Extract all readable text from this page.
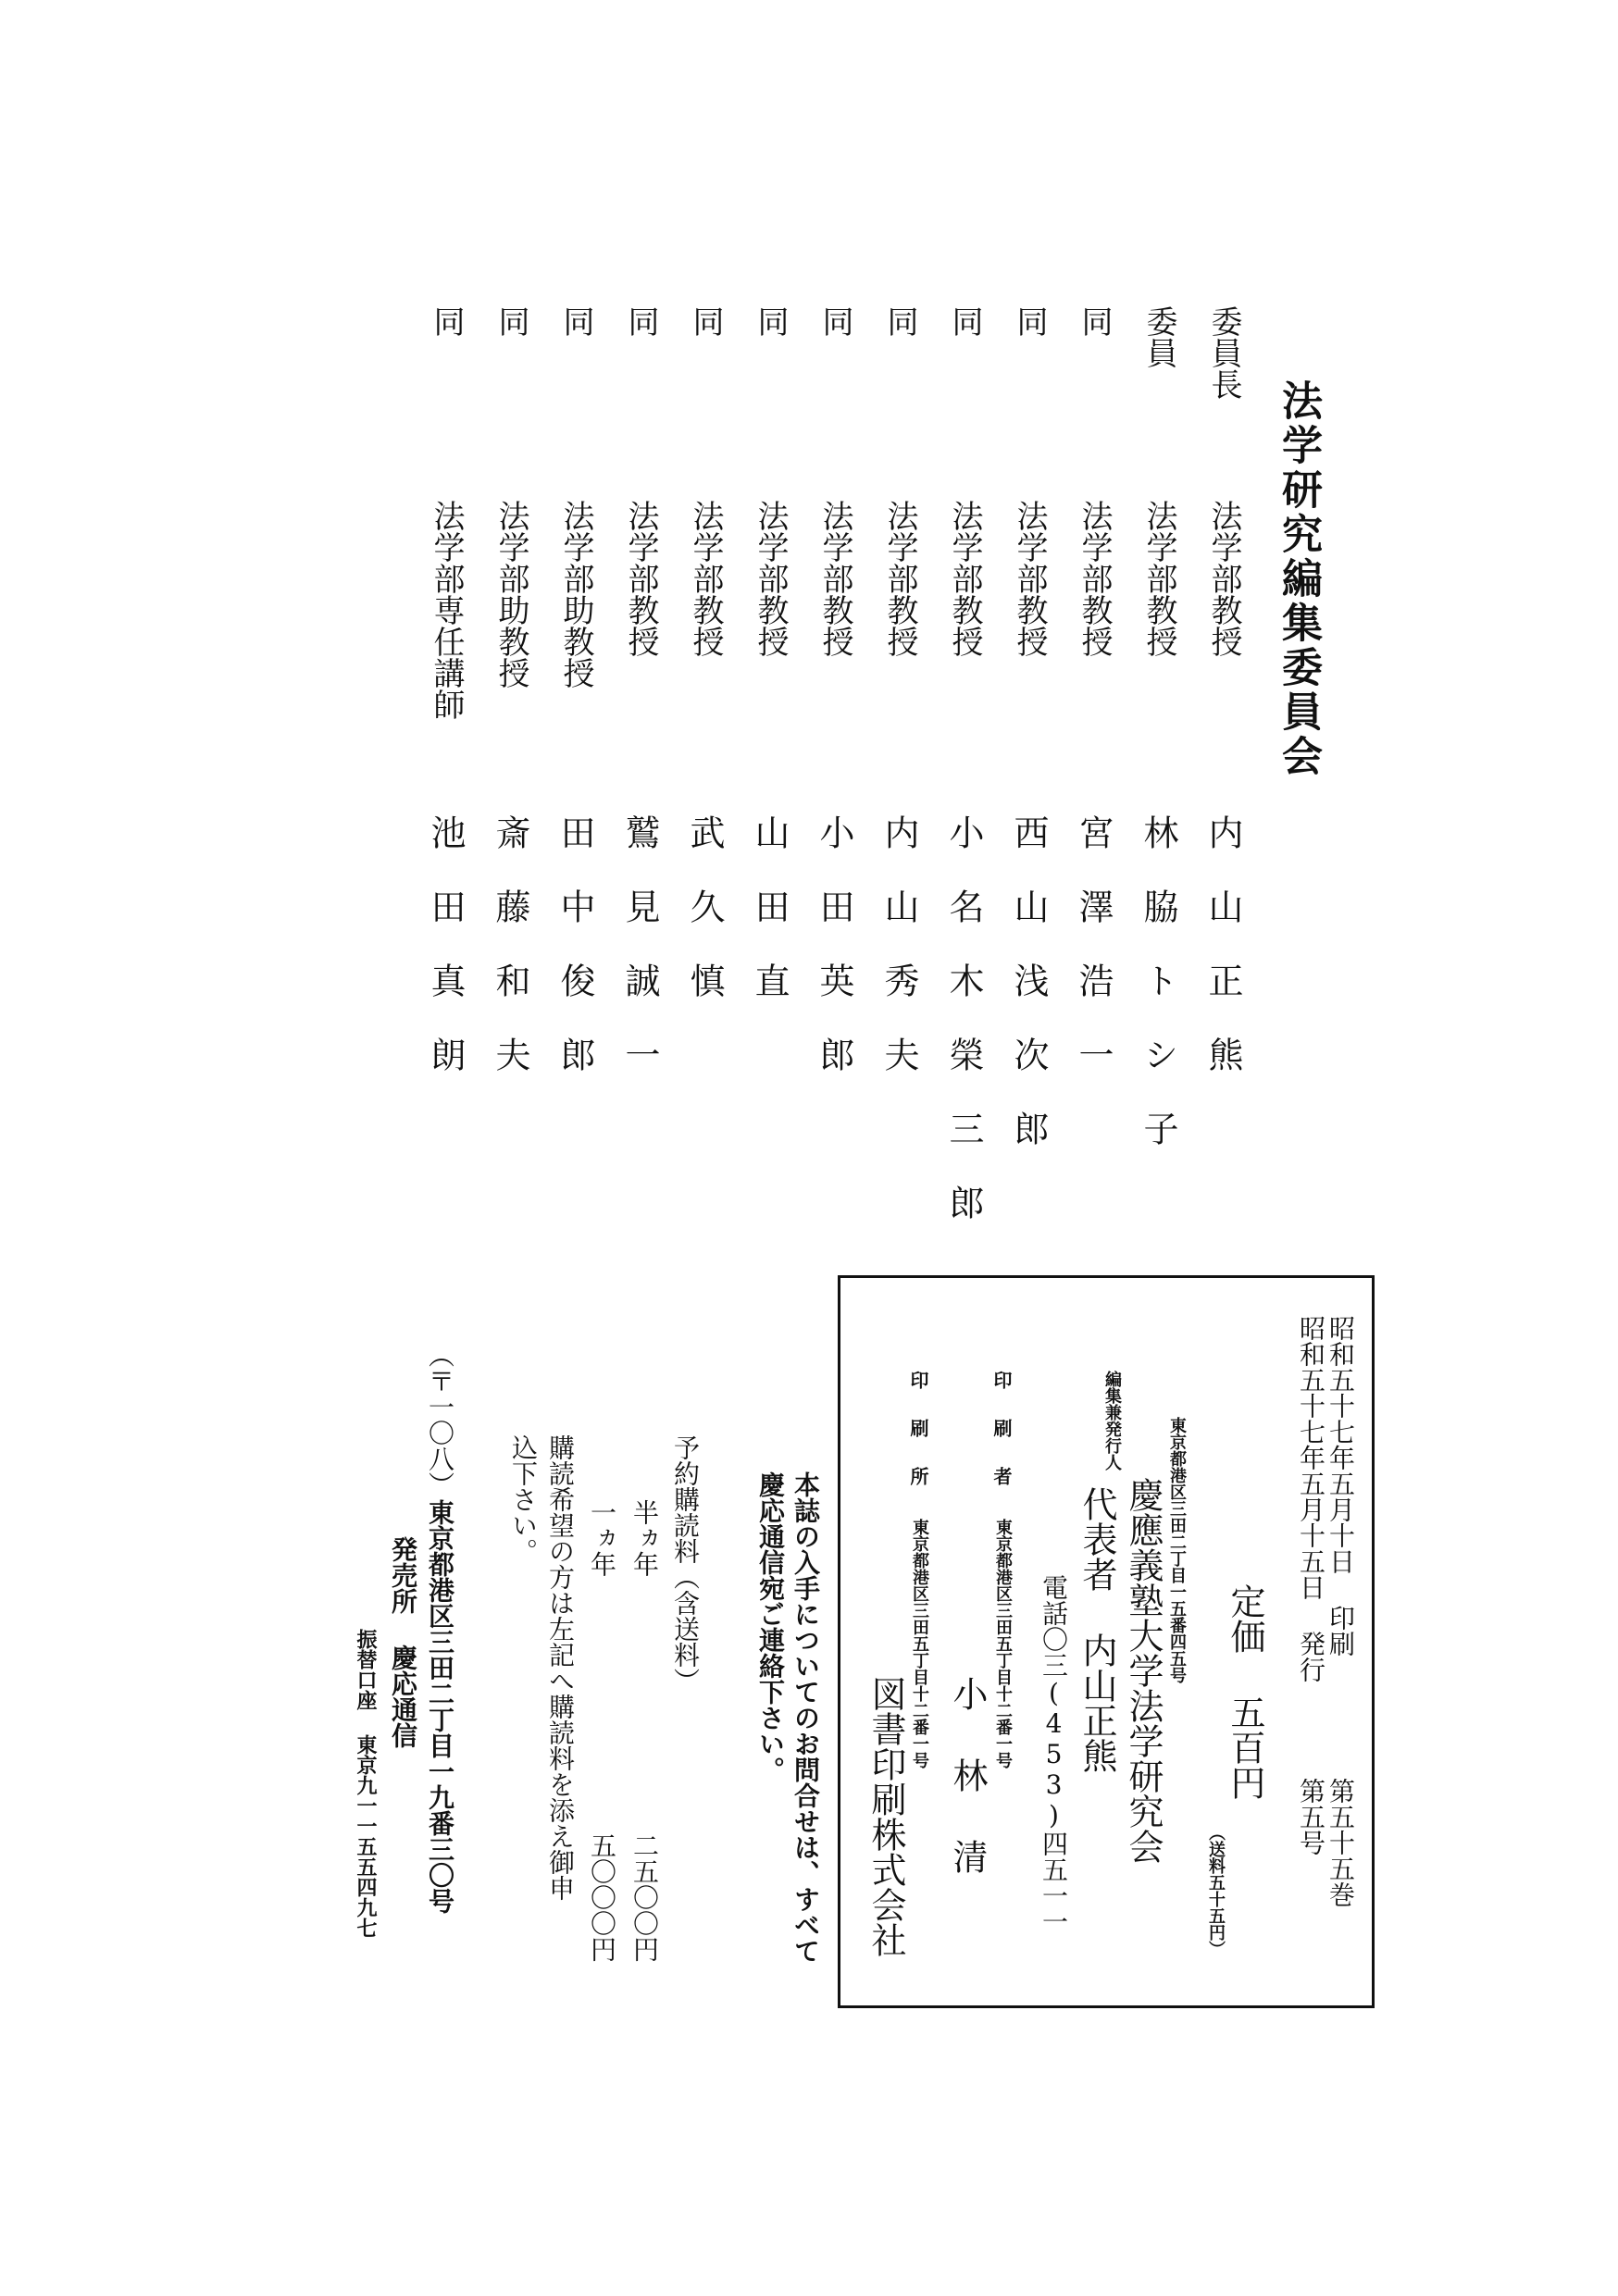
法学研究編集委員会
委員長
法学部教授
内山正熊
委員
法学部教授
林脇トシ子
同
法学部教授
宮澤浩一
同
法学部教授
西山浅次郎
同
法学部教授
小名木榮三郎
同
法学部教授
内山秀夫
同
法学部教授
小田英郎
同
法学部教授
山田直
同
法学部教授
武久慎
同
法学部教授
鷲見誠一
同
法学部助教授
田中俊郎
同
法学部助教授
斎藤和夫
同
法学部専任講師
池田真朗
昭和五十七年五月十日 印刷
昭和五十七年五月十五日 発行
第五十五巻
第五号
定価 五百円
（送料五十五円）
東京都港区三田二丁目一五番四五号
慶應義塾大学法学研究会
代表者 内山正熊
電話〇三(453)四五一一
編集兼発行人
印刷者
東京都港区三田五丁目十二番一号
小林清
印刷所
東京都港区三田五丁目十二番一号
図書印刷株式会社
本誌の入手についてのお問合せは、すべて
慶応通信宛ご連絡下さい。
予約購読料（含送料）
半ヵ年
二五〇〇円
一ヵ年
五〇〇〇円
購読希望の方は左記へ購読料を添え御申
込下さい。
（〒一〇八）
東京都港区三田二丁目一九番三〇号
発売所 慶応通信
振替口座 東京九一一五五四九七
